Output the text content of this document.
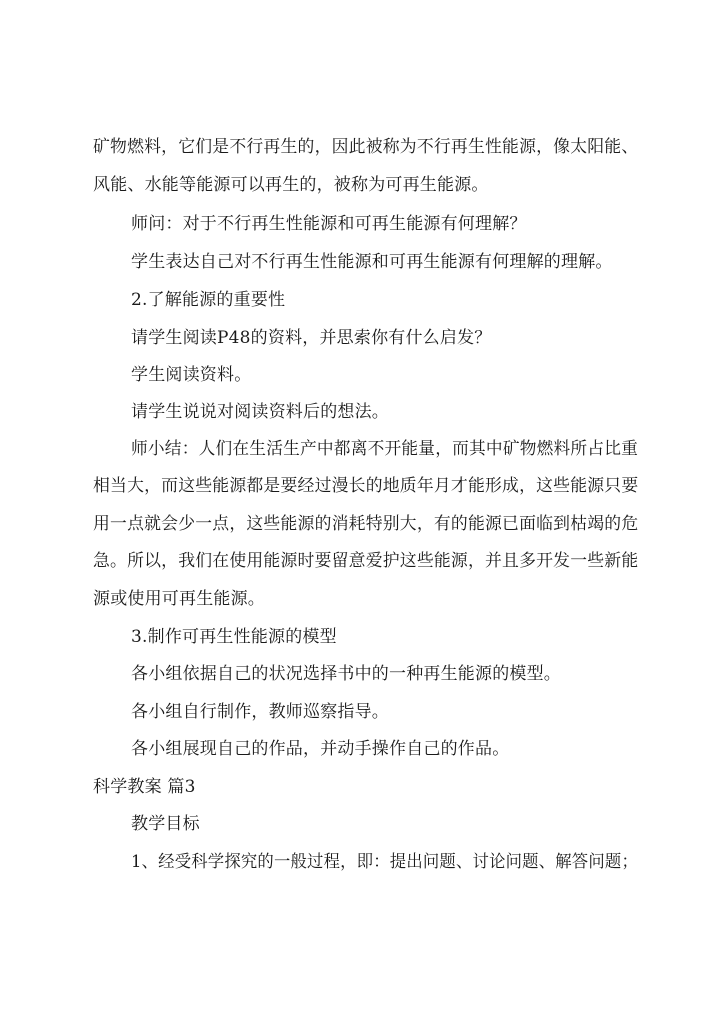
矿物燃料，它们是不行再生的，因此被称为不行再生性能源，像太阳能、
风能、水能等能源可以再生的，被称为可再生能源。
师问：对于不行再生性能源和可再生能源有何理解？
学生表达自己对不行再生性能源和可再生能源有何理解的理解。
2.了解能源的重要性
请学生阅读P48的资料，并思索你有什么启发？
学生阅读资料。
请学生说说对阅读资料后的想法。
师小结：人们在生活生产中都离不开能量，而其中矿物燃料所占比重
相当大，而这些能源都是要经过漫长的地质年月才能形成，这些能源只要
用一点就会少一点，这些能源的消耗特别大，有的能源已面临到枯竭的危
急。所以，我们在使用能源时要留意爱护这些能源，并且多开发一些新能
源或使用可再生能源。
3.制作可再生性能源的模型
各小组依据自己的状况选择书中的一种再生能源的模型。
各小组自行制作，教师巡察指导。
各小组展现自己的作品，并动手操作自己的作品。
科学教案 篇3
教学目标
1、经受科学探究的一般过程，即：提出问题、讨论问题、解答问题；
